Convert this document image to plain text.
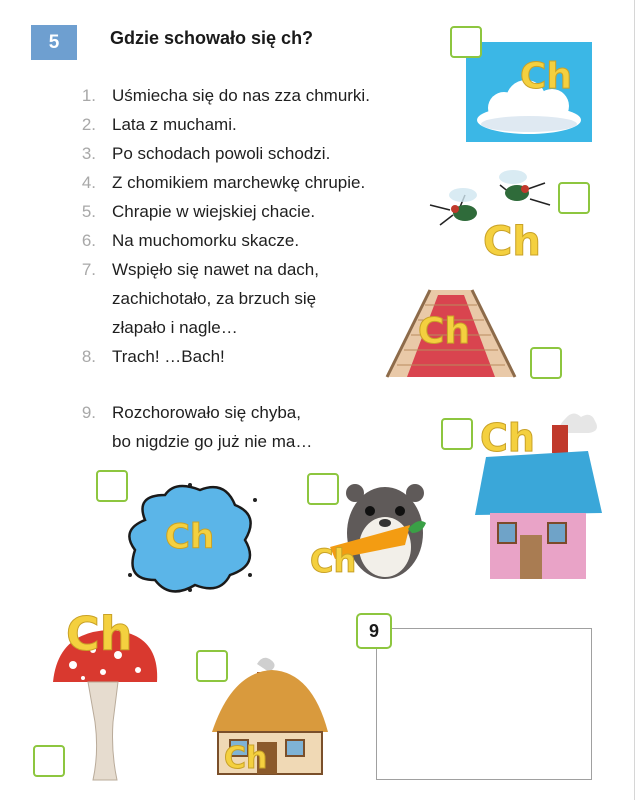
5	Gdzie schowało się ch?
1. Uśmiecha się do nas zza chmurki.
2. Lata z muchami.
3. Po schodach powoli schodzi.
4. Z chomikiem marchewkę chrupie.
5. Chrapie w wiejskiej chacie.
6. Na muchomorku skacze.
7. Wspięło się nawet na dach,
zachichotało, za brzuch się
złapało i nagle…
8. Trach! …Bach!
9. Rozchorowało się chyba,
bo nigdzie go już nie ma…
Ch
Ch
Ch
Ch
Ch
Ch
Ch
Ch
9
